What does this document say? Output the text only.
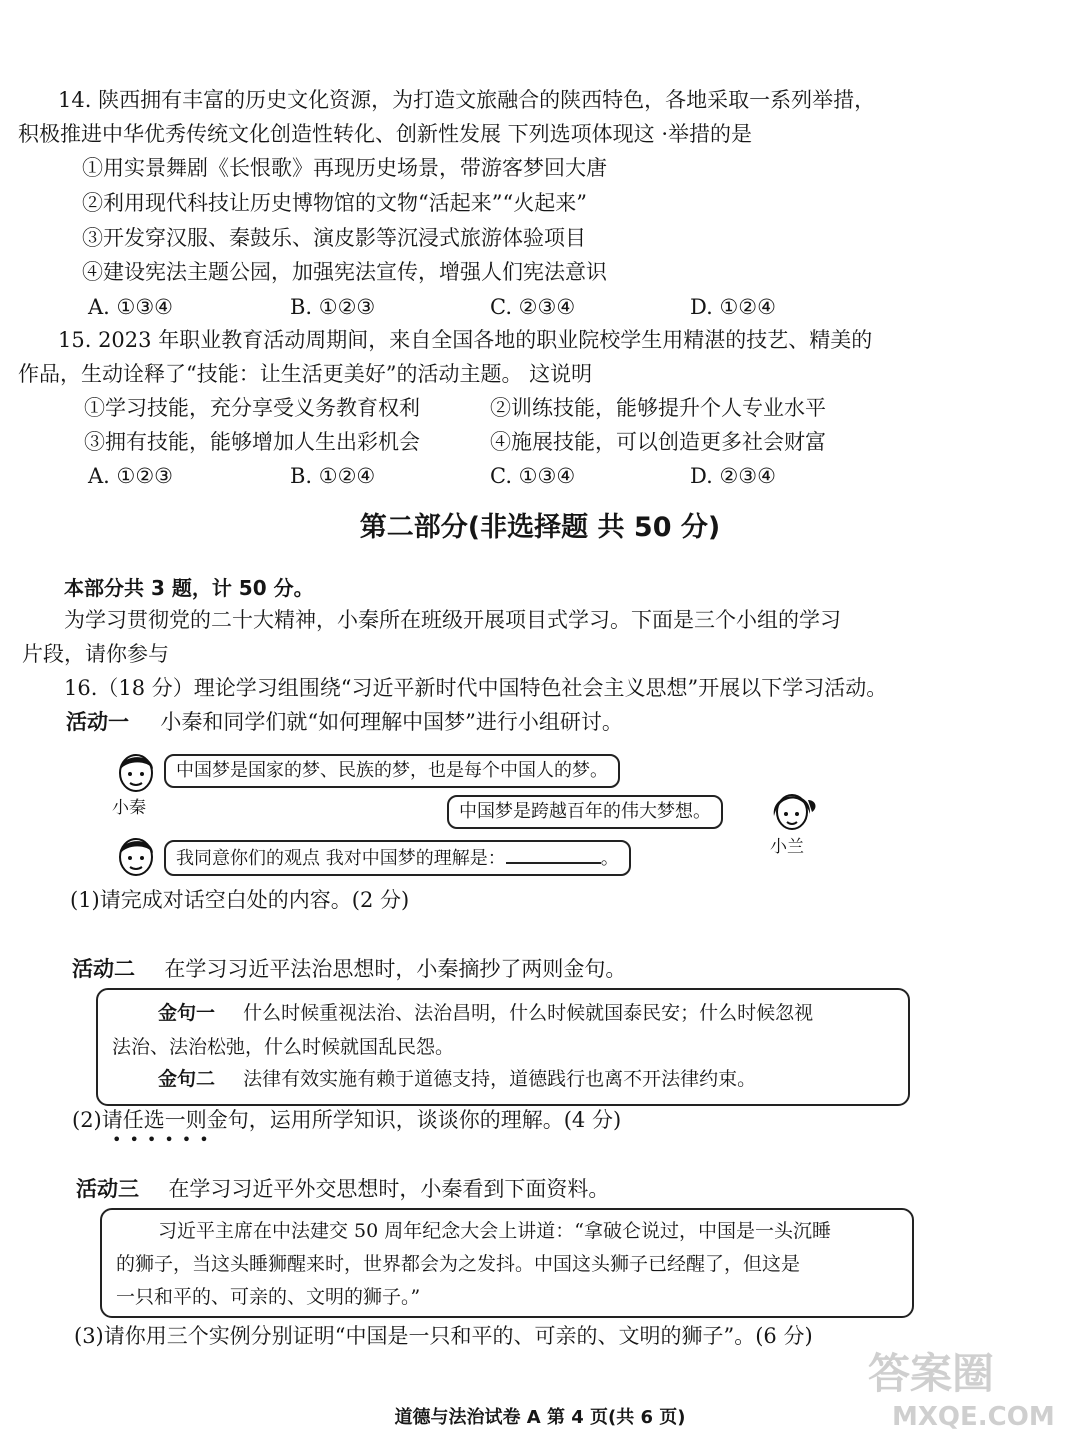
14. 陕西拥有丰富的历史文化资源，为打造文旅融合的陕西特色，各地采取一系列举措，
积极推进中华优秀传统文化创造性转化、创新性发展 下列选项体现这 ·举措的是
①用实景舞剧《长恨歌》再现历史场景，带游客梦回大唐
②利用现代科技让历史博物馆的文物“活起来”“火起来”
③开发穿汉服、秦鼓乐、演皮影等沉浸式旅游体验项目
④建设宪法主题公园，加强宪法宣传，增强人们宪法意识
A. ①③④	B. ①②③	C. ②③④	D. ①②④
15. 2023 年职业教育活动周期间，来自全国各地的职业院校学生用精湛的技艺、精美的
作品，生动诠释了“技能：让生活更美好”的活动主题。 这说明
①学习技能，充分享受义务教育权利	②训练技能，能够提升个人专业水平
③拥有技能，能够增加人生出彩机会	④施展技能，可以创造更多社会财富
A. ①②③	B. ①②④	C. ①③④	D. ②③④
第二部分(非选择题 共 50 分)
本部分共 3 题，计 50 分。
为学习贯彻党的二十大精神，小秦所在班级开展项目式学习。下面是三个小组的学习
片段，请你参与
16.（18 分）理论学习组围绕“习近平新时代中国特色社会主义思想”开展以下学习活动。
活动一 小秦和同学们就“如何理解中国梦”进行小组研讨。
小秦
中国梦是国家的梦、民族的梦，也是每个中国人的梦。
中国梦是跨越百年的伟大梦想。
小兰
我同意你们的观点 我对中国梦的理解是：	。
(1)请完成对话空白处的内容。(2 分)
活动二 在学习习近平法治思想时，小秦摘抄了两则金句。
金句一 什么时候重视法治、法治昌明，什么时候就国泰民安；什么时候忽视
法治、法治松弛，什么时候就国乱民怨。
金句二 法律有效实施有赖于道德支持，道德践行也离不开法律约束。
(2)请任选一则金句，运用所学知识，谈谈你的理解。(4 分)
••••••
活动三 在学习习近平外交思想时，小秦看到下面资料。
习近平主席在中法建交 50 周年纪念大会上讲道：“拿破仑说过，中国是一头沉睡
的狮子，当这头睡狮醒来时，世界都会为之发抖。中国这头狮子已经醒了，但这是
一只和平的、可亲的、文明的狮子。”
(3)请你用三个实例分别证明“中国是一只和平的、可亲的、文明的狮子”。(6 分)
道德与法治试卷 A 第 4 页(共 6 页)
答案圈
MXQE.COM
